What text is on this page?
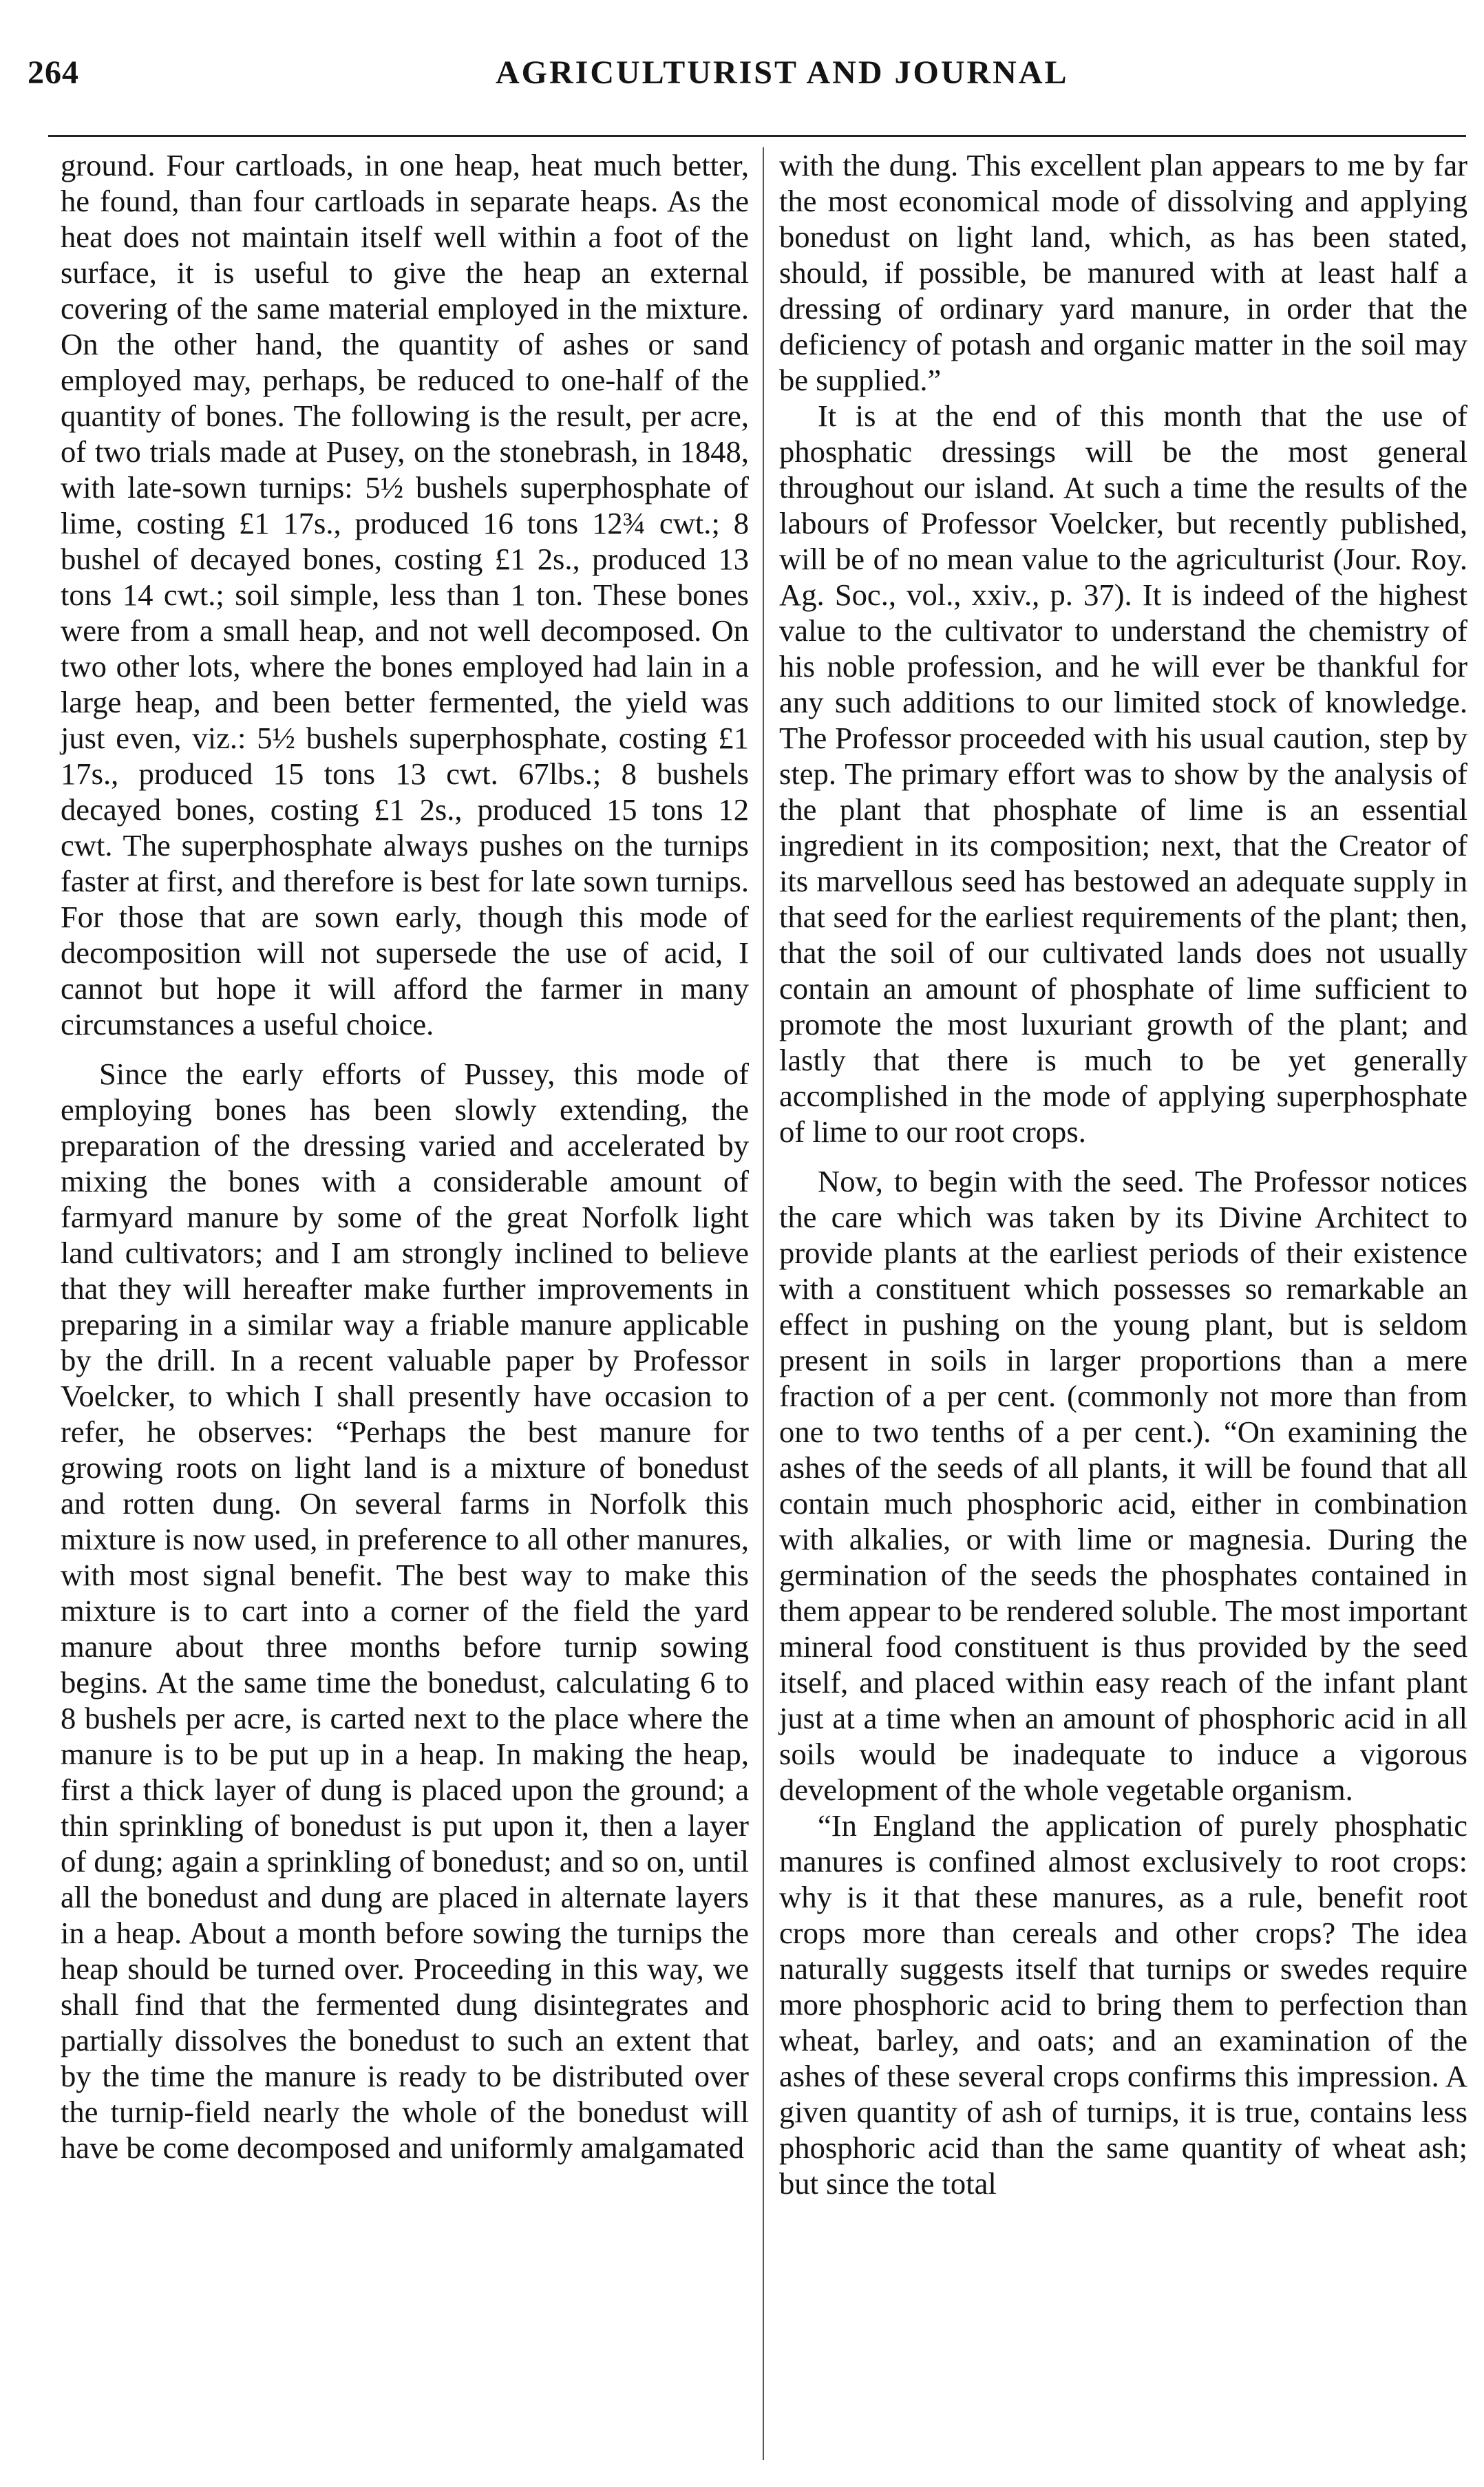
264	AGRICULTURIST AND JOURNAL

ground. Four cartloads, in one heap, heat much better, he found, than four cartloads in separate heaps. As the heat does not maintain itself well within a foot of the surface, it is useful to give the heap an external covering of the same material employed in the mixture. On the other hand, the quantity of ashes or sand employed may, perhaps, be reduced to one-half of the quantity of bones. The following is the result, per acre, of two trials made at Pusey, on the stonebrash, in 1848, with late-sown turnips: 5½ bushels superphosphate of lime, costing £1 17s., produced 16 tons 12¾ cwt.; 8 bushel of decayed bones, costing £1 2s., produced 13 tons 14 cwt.; soil simple, less than 1 ton. These bones were from a small heap, and not well decomposed. On two other lots, where the bones employed had lain in a large heap, and been better fermented, the yield was just even, viz.: 5½ bushels superphosphate, costing £1 17s., produced 15 tons 13 cwt. 67lbs.; 8 bushels decayed bones, costing £1 2s., produced 15 tons 12 cwt. The superphosphate always pushes on the turnips faster at first, and therefore is best for late sown turnips. For those that are sown early, though this mode of decomposition will not supersede the use of acid, I cannot but hope it will afford the farmer in many circumstances a useful choice.

Since the early efforts of Pussey, this mode of employing bones has been slowly extending, the preparation of the dressing varied and accelerated by mixing the bones with a considerable amount of farmyard manure by some of the great Norfolk light land cultivators; and I am strongly inclined to believe that they will hereafter make further improvements in preparing in a similar way a friable manure applicable by the drill. In a recent valuable paper by Professor Voelcker, to which I shall presently have occasion to refer, he observes: “Perhaps the best manure for growing roots on light land is a mixture of bonedust and rotten dung. On several farms in Norfolk this mixture is now used, in preference to all other manures, with most signal benefit. The best way to make this mixture is to cart into a corner of the field the yard manure about three months before turnip sowing begins. At the same time the bonedust, calculating 6 to 8 bushels per acre, is carted next to the place where the manure is to be put up in a heap. In making the heap, first a thick layer of dung is placed upon the ground; a thin sprinkling of bonedust is put upon it, then a layer of dung; again a sprinkling of bonedust; and so on, until all the bonedust and dung are placed in alternate layers in a heap. About a month before sowing the turnips the heap should be turned over. Proceeding in this way, we shall find that the fermented dung disintegrates and partially dissolves the bonedust to such an extent that by the time the manure is ready to be distributed over the turnip-field nearly the whole of the bonedust will have be come decomposed and uniformly amalgamated

with the dung. This excellent plan appears to me by far the most economical mode of dissolving and applying bonedust on light land, which, as has been stated, should, if possible, be manured with at least half a dressing of ordinary yard manure, in order that the deficiency of potash and organic matter in the soil may be supplied.”

It is at the end of this month that the use of phosphatic dressings will be the most general throughout our island. At such a time the results of the labours of Professor Voelcker, but recently published, will be of no mean value to the agriculturist (Jour. Roy. Ag. Soc., vol., xxiv., p. 37). It is indeed of the highest value to the cultivator to understand the chemistry of his noble profession, and he will ever be thankful for any such additions to our limited stock of knowledge. The Professor proceeded with his usual caution, step by step. The primary effort was to show by the analysis of the plant that phosphate of lime is an essential ingredient in its composition; next, that the Creator of its marvellous seed has bestowed an adequate supply in that seed for the earliest requirements of the plant; then, that the soil of our cultivated lands does not usually contain an amount of phosphate of lime sufficient to promote the most luxuriant growth of the plant; and lastly that there is much to be yet generally accomplished in the mode of applying superphosphate of lime to our root crops.

Now, to begin with the seed. The Professor notices the care which was taken by its Divine Architect to provide plants at the earliest periods of their existence with a constituent which possesses so remarkable an effect in pushing on the young plant, but is seldom present in soils in larger proportions than a mere fraction of a per cent. (commonly not more than from one to two tenths of a per cent.). “On examining the ashes of the seeds of all plants, it will be found that all contain much phosphoric acid, either in combination with alkalies, or with lime or magnesia. During the germination of the seeds the phosphates contained in them appear to be rendered soluble. The most important mineral food constituent is thus provided by the seed itself, and placed within easy reach of the infant plant just at a time when an amount of phosphoric acid in all soils would be inadequate to induce a vigorous development of the whole vegetable organism.

“In England the application of purely phosphatic manures is confined almost exclusively to root crops: why is it that these manures, as a rule, benefit root crops more than cereals and other crops? The idea naturally suggests itself that turnips or swedes require more phosphoric acid to bring them to perfection than wheat, barley, and oats; and an examination of the ashes of these several crops confirms this impression. A given quantity of ash of turnips, it is true, contains less phosphoric acid than the same quantity of wheat ash; but since the total
